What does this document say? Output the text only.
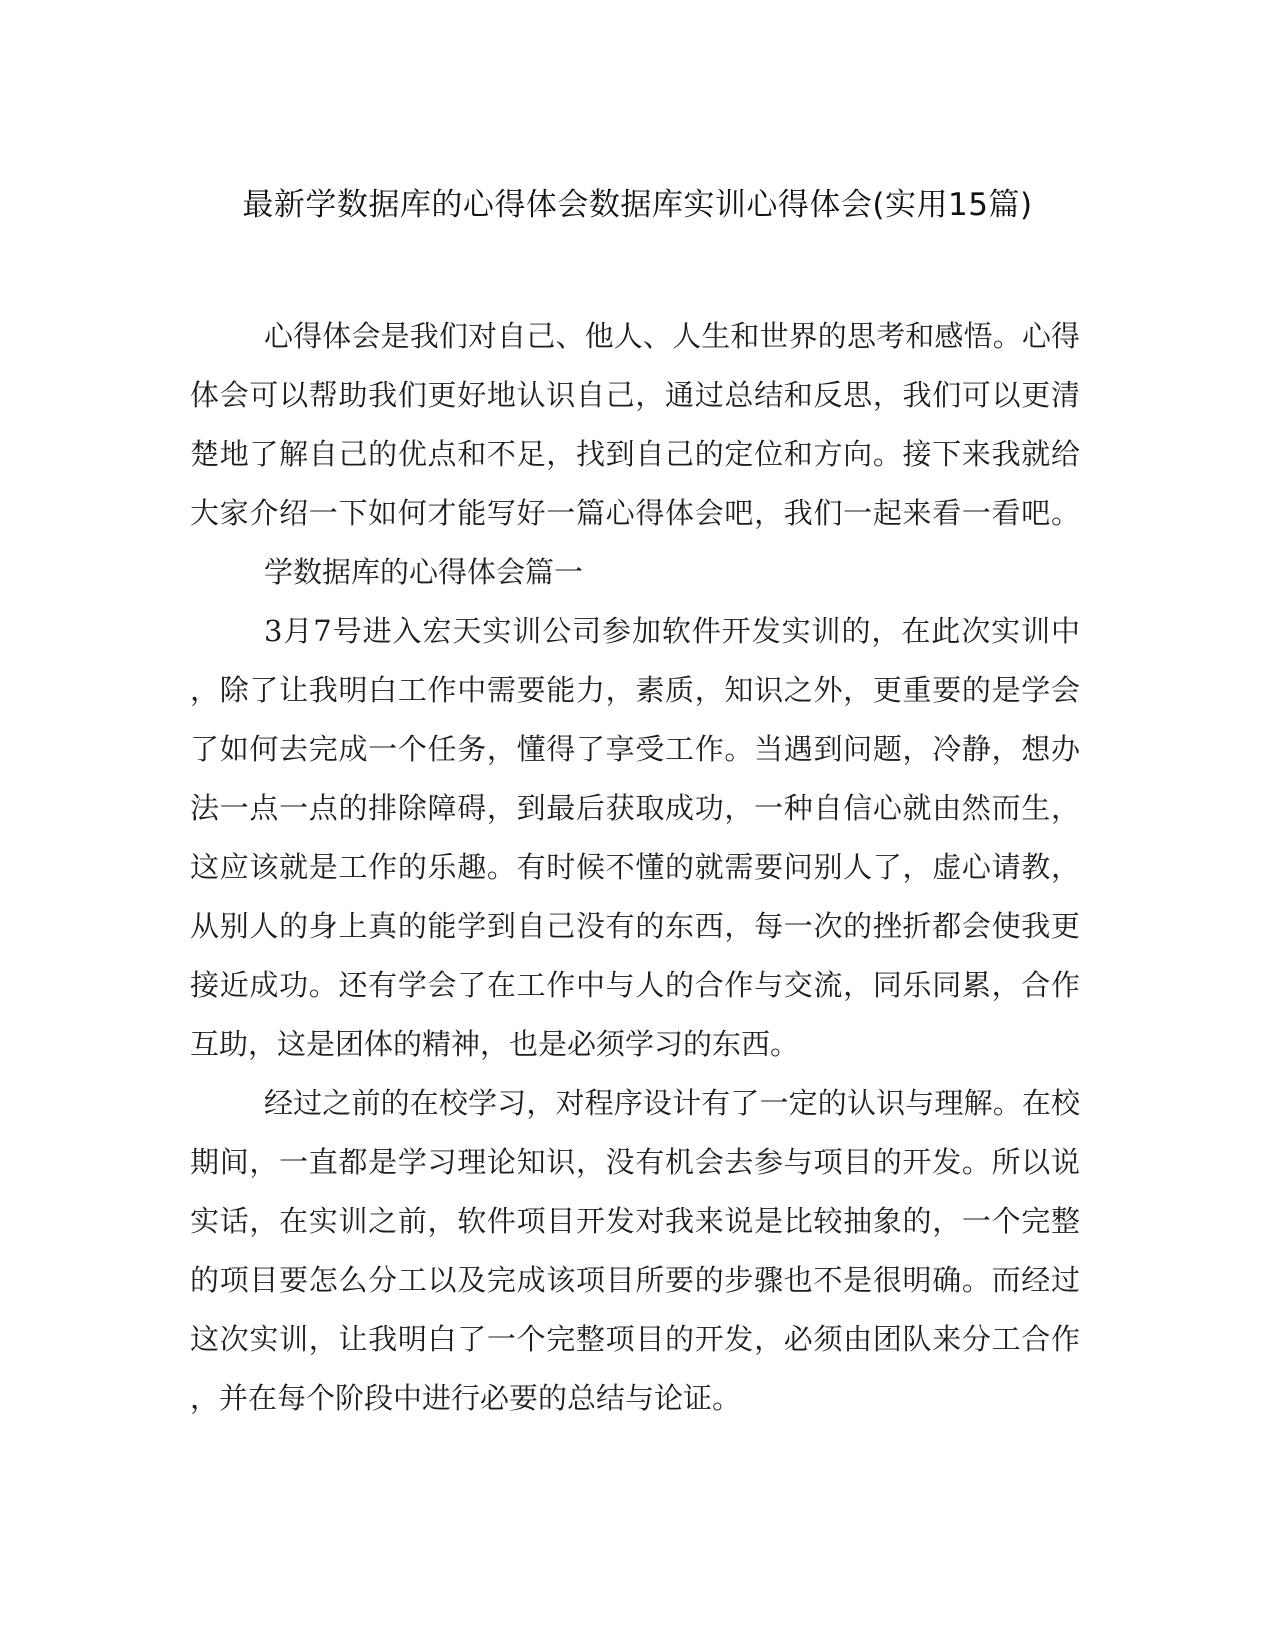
最新学数据库的心得体会数据库实训心得体会(实用15篇)
心得体会是我们对自己、他人、人生和世界的思考和感悟。心得
体会可以帮助我们更好地认识自己，通过总结和反思，我们可以更清
楚地了解自己的优点和不足，找到自己的定位和方向。接下来我就给
大家介绍一下如何才能写好一篇心得体会吧，我们一起来看一看吧。
学数据库的心得体会篇一
3月7号进入宏天实训公司参加软件开发实训的，在此次实训中
，除了让我明白工作中需要能力，素质，知识之外，更重要的是学会
了如何去完成一个任务，懂得了享受工作。当遇到问题，冷静，想办
法一点一点的排除障碍，到最后获取成功，一种自信心就由然而生，
这应该就是工作的乐趣。有时候不懂的就需要问别人了，虚心请教，
从别人的身上真的能学到自己没有的东西，每一次的挫折都会使我更
接近成功。还有学会了在工作中与人的合作与交流，同乐同累，合作
互助，这是团体的精神，也是必须学习的东西。
经过之前的在校学习，对程序设计有了一定的认识与理解。在校
期间，一直都是学习理论知识，没有机会去参与项目的开发。所以说
实话，在实训之前，软件项目开发对我来说是比较抽象的，一个完整
的项目要怎么分工以及完成该项目所要的步骤也不是很明确。而经过
这次实训，让我明白了一个完整项目的开发，必须由团队来分工合作
，并在每个阶段中进行必要的总结与论证。
